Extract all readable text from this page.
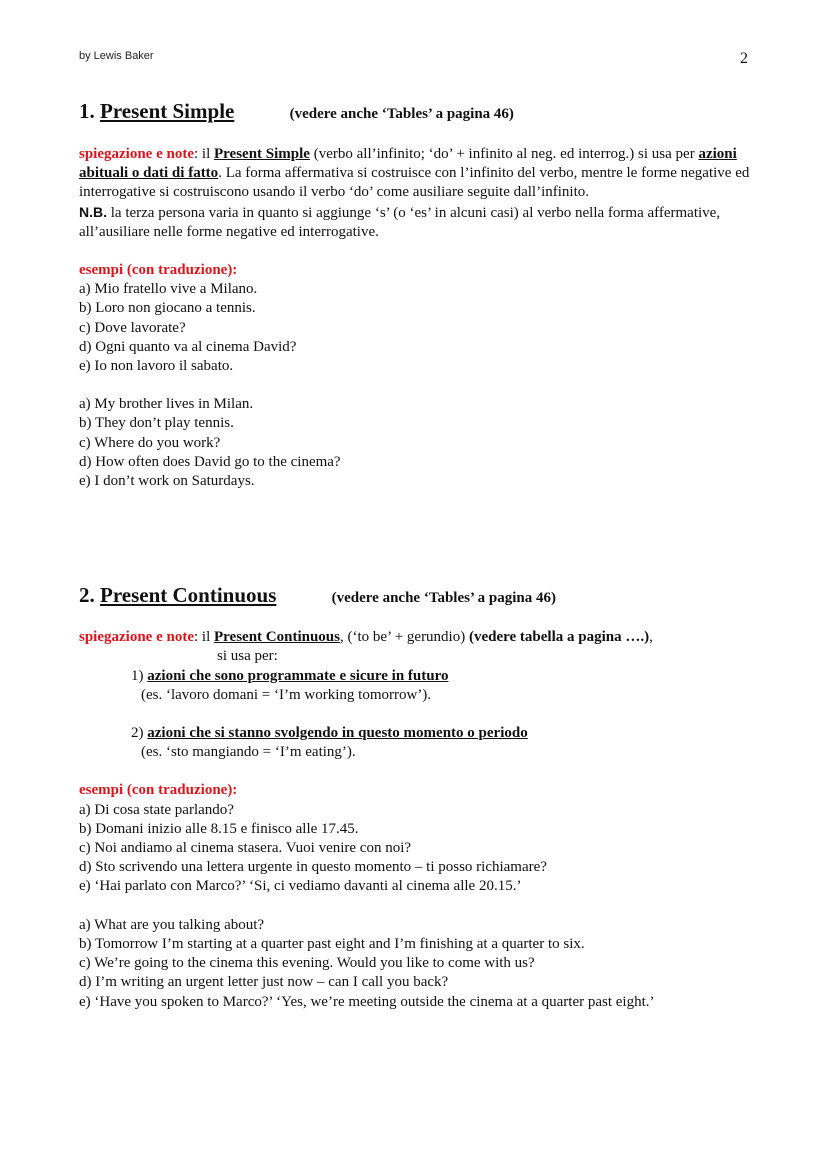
by Lewis Baker	2
1. Present Simple	(vedere anche ‘Tables’ a pagina 46)

spiegazione e note: il Present Simple (verbo all’infinito; ‘do’ + infinito al neg. ed interrog.) si usa per azioni abituali o dati di fatto. La forma affermativa si costruisce con l’infinito del verbo, mentre le forme negative ed interrogative si costruiscono usando il verbo ‘do’ come ausiliare seguite dall’infinito.

N.B. la terza persona varia in quanto si aggiunge ‘s’ (o ‘es’ in alcuni casi) al verbo nella forma affermative, all’ausiliare nelle forme negative ed interrogative.

esempi (con traduzione):

a) Mio fratello vive a Milano.
b) Loro non giocano a tennis.
c) Dove lavorate?
d) Ogni quanto va al cinema David?
e) Io non lavoro il sabato.
a) My brother lives in Milan.
b) They don’t play tennis.
c) Where do you work?
d) How often does David go to the cinema?
e) I don’t work on Saturdays.
2. Present Continuous	(vedere anche ‘Tables’ a pagina 46)

spiegazione e note: il Present Continuous, (‘to be’ + gerundio) (vedere tabella a pagina ….),

si usa per:

1) azioni che sono programmate e sicure in futuro

(es. ‘lavoro domani = ‘I’m working tomorrow’).

2) azioni che si stanno svolgendo in questo momento o periodo

(es. ‘sto mangiando = ‘I’m eating’).

esempi (con traduzione):

a) Di cosa state parlando?
b) Domani inizio alle 8.15 e finisco alle 17.45.
c) Noi andiamo al cinema stasera. Vuoi venire con noi?
d) Sto scrivendo una lettera urgente in questo momento – ti posso richiamare?
e) ‘Hai parlato con Marco?’ ‘Si, ci vediamo davanti al cinema alle 20.15.’
a) What are you talking about?
b) Tomorrow I’m starting at a quarter past eight and I’m finishing at a quarter to six.
c) We’re going to the cinema this evening. Would you like to come with us?
d) I’m writing an urgent letter just now – can I call you back?
e) ‘Have you spoken to Marco?’ ‘Yes, we’re meeting outside the cinema at a quarter past eight.’
